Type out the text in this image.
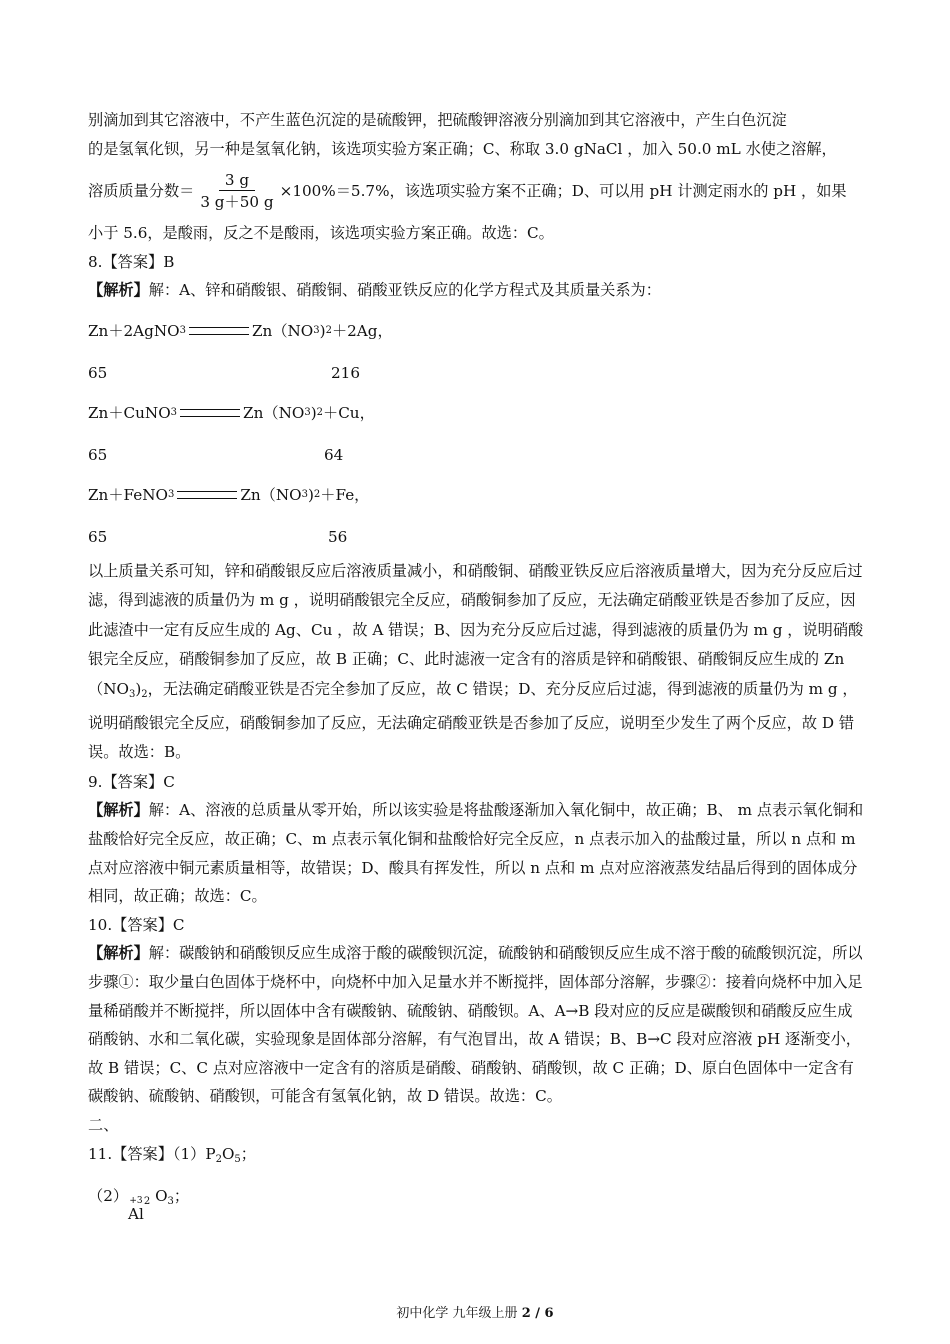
别滴加到其它溶液中，不产生蓝色沉淀的是硫酸钾，把硫酸钾溶液分别滴加到其它溶液中，产生白色沉淀

的是氢氧化钡，另一种是氢氧化钠，该选项实验方案正确；C、称取 3.0 gNaCl ，加入 50.0 mL 水使之溶解，

溶质质量分数＝ $\frac{3 g}{3 g+50 g} \times 100\%=5.7\%$，该选项实验方案不正确；D、可以用 pH 计测定雨水的 pH ，如果

小于 5.6，是酸雨，反之不是酸雨，该选项实验方案正确。故选：C。

8.【答案】B

【解析】解：A、锌和硝酸银、硝酸铜、硝酸亚铁反应的化学方程式及其质量关系为：

Zn＋2AgNO 3	Zn（NO 3 ) 2 ＋2Ag，
65	216
Zn＋CuNO 3	Zn（NO 3 ) 2 ＋Cu，
65	64
Zn＋FeNO 3	Zn（NO 3 ) 2 ＋Fe，
65	56

以上质量关系可知，锌和硝酸银反应后溶液质量减小，和硝酸铜、硝酸亚铁反应后溶液质量增大，因为充分反应后过滤，得到滤液的质量仍为 m g ，说明硝酸银完全反应，硝酸铜参加了反应，无法确定硝酸亚铁是否参加了反应，因此滤渣中一定有反应生成的 Ag、Cu ，故 A 错误；B、因为充分反应后过滤，得到滤液的质量仍为 m g ，说明硝酸银完全反应，硝酸铜参加了反应，故 B 正确；C、此时滤液一定含有的溶质是锌和硝酸银、硝酸铜反应生成的 $Zn(NO_3)_2$，无法确定硝酸亚铁是否完全参加了反应，故 C 错误；D、充分反应后过滤，得到滤液的质量仍为 m g ，说明硝酸银完全反应，硝酸铜参加了反应，无法确定硝酸亚铁是否参加了反应，说明至少发生了两个反应，故 D 错误。故选：B。

9.【答案】C

【解析】解：A、溶液的总质量从零开始，所以该实验是将盐酸逐渐加入氧化铜中，故正确；B、 m 点表示氧化铜和盐酸恰好完全反应，故正确；C、m 点表示氧化铜和盐酸恰好完全反应，n 点表示加入的盐酸过量，所以 n 点和 m 点对应溶液中铜元素质量相等，故错误；D、酸具有挥发性，所以 n 点和 m 点对应溶液蒸发结晶后得到的固体成分相同，故正确；故选：C。

10.【答案】C

【解析】解：碳酸钠和硝酸钡反应生成溶于酸的碳酸钡沉淀，硫酸钠和硝酸钡反应生成不溶于酸的硫酸钡沉淀，所以步骤①：取少量白色固体于烧杯中，向烧杯中加入足量水并不断搅拌，固体部分溶解，步骤②：接着向烧杯中加入足量稀硝酸并不断搅拌，所以固体中含有碳酸钠、硫酸钠、硝酸钡。A、A→B 段对应的反应是碳酸钡和硝酸反应生成硝酸钠、水和二氧化碳，实验现象是固体部分溶解，有气泡冒出，故 A 错误；B、B→C 段对应溶液 pH 逐渐变小，故 B 错误；C、C 点对应溶液中一定含有的溶质是硝酸、硝酸钠、硝酸钡，故 C 正确；D、原白色固体中一定含有碳酸钠、硫酸钠、硝酸钡，可能含有氢氧化钠，故 D 错误。故选：C。

二、

11.【答案】$(1)P_2O_5$；

（2） +3
Al
$_2$ $O_3$；

初中化学 九年级上册 2 / 6
